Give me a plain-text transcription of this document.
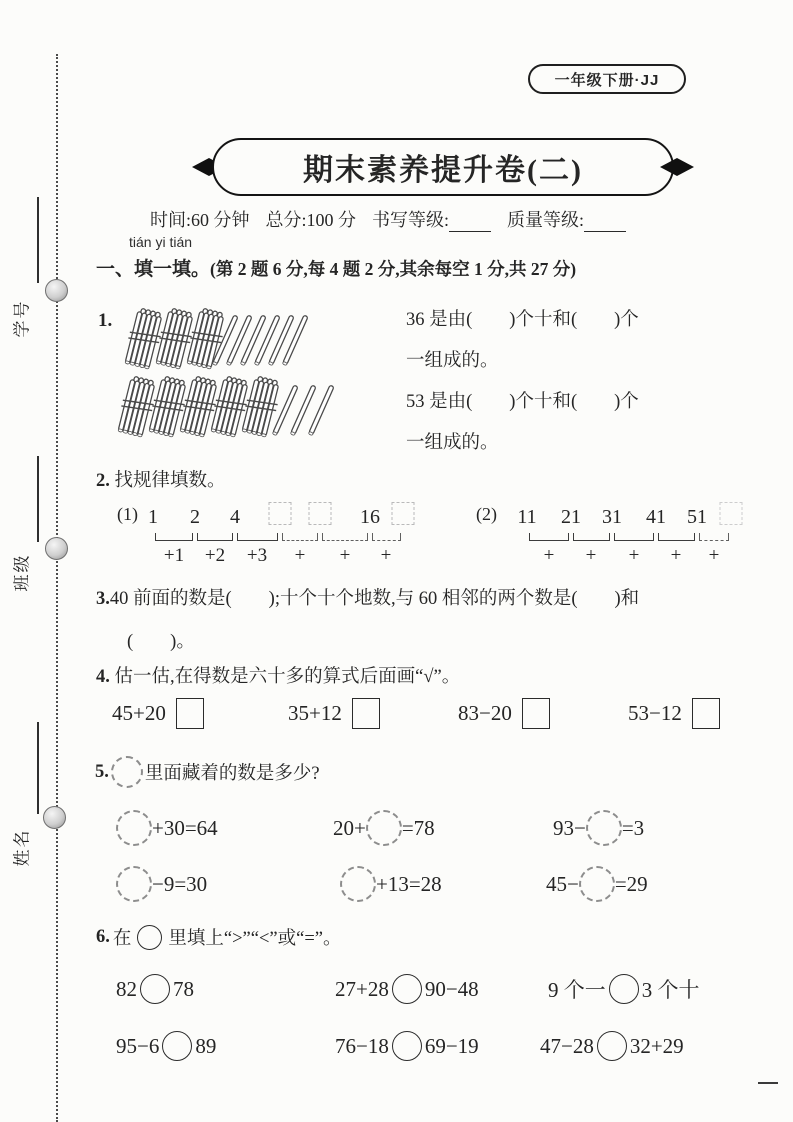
学号
班级
姓名
一年级下册·JJ
期末素养提升卷(二)
时间:60 分钟 总分:100 分 书写等级:	质量等级:
tián yi tián
一、填一填。(第 2 题 6 分,每 4 题 2 分,其余每空 1 分,共 27 分)
1.	36 是由(　　)个十和(　　)个
一组成的。
53 是由(　　)个十和(　　)个
一组成的。
2. 找规律填数。
(1) 1 2 4	16
+1 +2 +3 + + +
(2) 11 21 31 41 51
+ + + + +
3.40 前面的数是(　　);十个十个地数,与 60 相邻的两个数是(　　)和
(　　)。
4. 估一估,在得数是六十多的算式后面画“√”。
45+20	35+12	83−20	53−12
5. 里面藏着的数是多少?
+30=64	20+ =78	93− =3
−9=30	+13=28	45− =29
6. 在 里填上“>”“<”或“=”。
82 78	27+28 90−48	9 个一 3 个十
95−6 89	76−18 69−19	47−28 32+29
